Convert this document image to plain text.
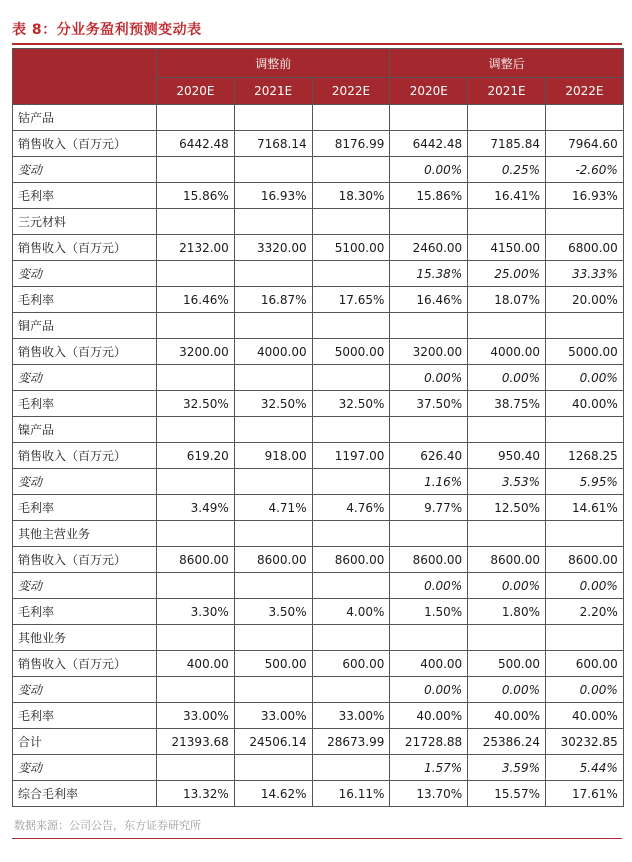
表 8：分业务盈利预测变动表
	调整前			调整后		
	2020E	2021E	2022E	2020E	2021E	2022E
钴产品						
销售收入（百万元）	6442.48	7168.14	8176.99	6442.48	7185.84	7964.60
变动				0.00%	0.25%	-2.60%
毛利率	15.86%	16.93%	18.30%	15.86%	16.41%	16.93%
三元材料						
销售收入（百万元）	2132.00	3320.00	5100.00	2460.00	4150.00	6800.00
变动				15.38%	25.00%	33.33%
毛利率	16.46%	16.87%	17.65%	16.46%	18.07%	20.00%
铜产品						
销售收入（百万元）	3200.00	4000.00	5000.00	3200.00	4000.00	5000.00
变动				0.00%	0.00%	0.00%
毛利率	32.50%	32.50%	32.50%	37.50%	38.75%	40.00%
镍产品						
销售收入（百万元）	619.20	918.00	1197.00	626.40	950.40	1268.25
变动				1.16%	3.53%	5.95%
毛利率	3.49%	4.71%	4.76%	9.77%	12.50%	14.61%
其他主营业务						
销售收入（百万元）	8600.00	8600.00	8600.00	8600.00	8600.00	8600.00
变动				0.00%	0.00%	0.00%
毛利率	3.30%	3.50%	4.00%	1.50%	1.80%	2.20%
其他业务						
销售收入（百万元）	400.00	500.00	600.00	400.00	500.00	600.00
变动				0.00%	0.00%	0.00%
毛利率	33.00%	33.00%	33.00%	40.00%	40.00%	40.00%
合计	21393.68	24506.14	28673.99	21728.88	25386.24	30232.85
变动				1.57%	3.59%	5.44%
综合毛利率	13.32%	14.62%	16.11%	13.70%	15.57%	17.61%
数据来源：公司公告，东方证券研究所
